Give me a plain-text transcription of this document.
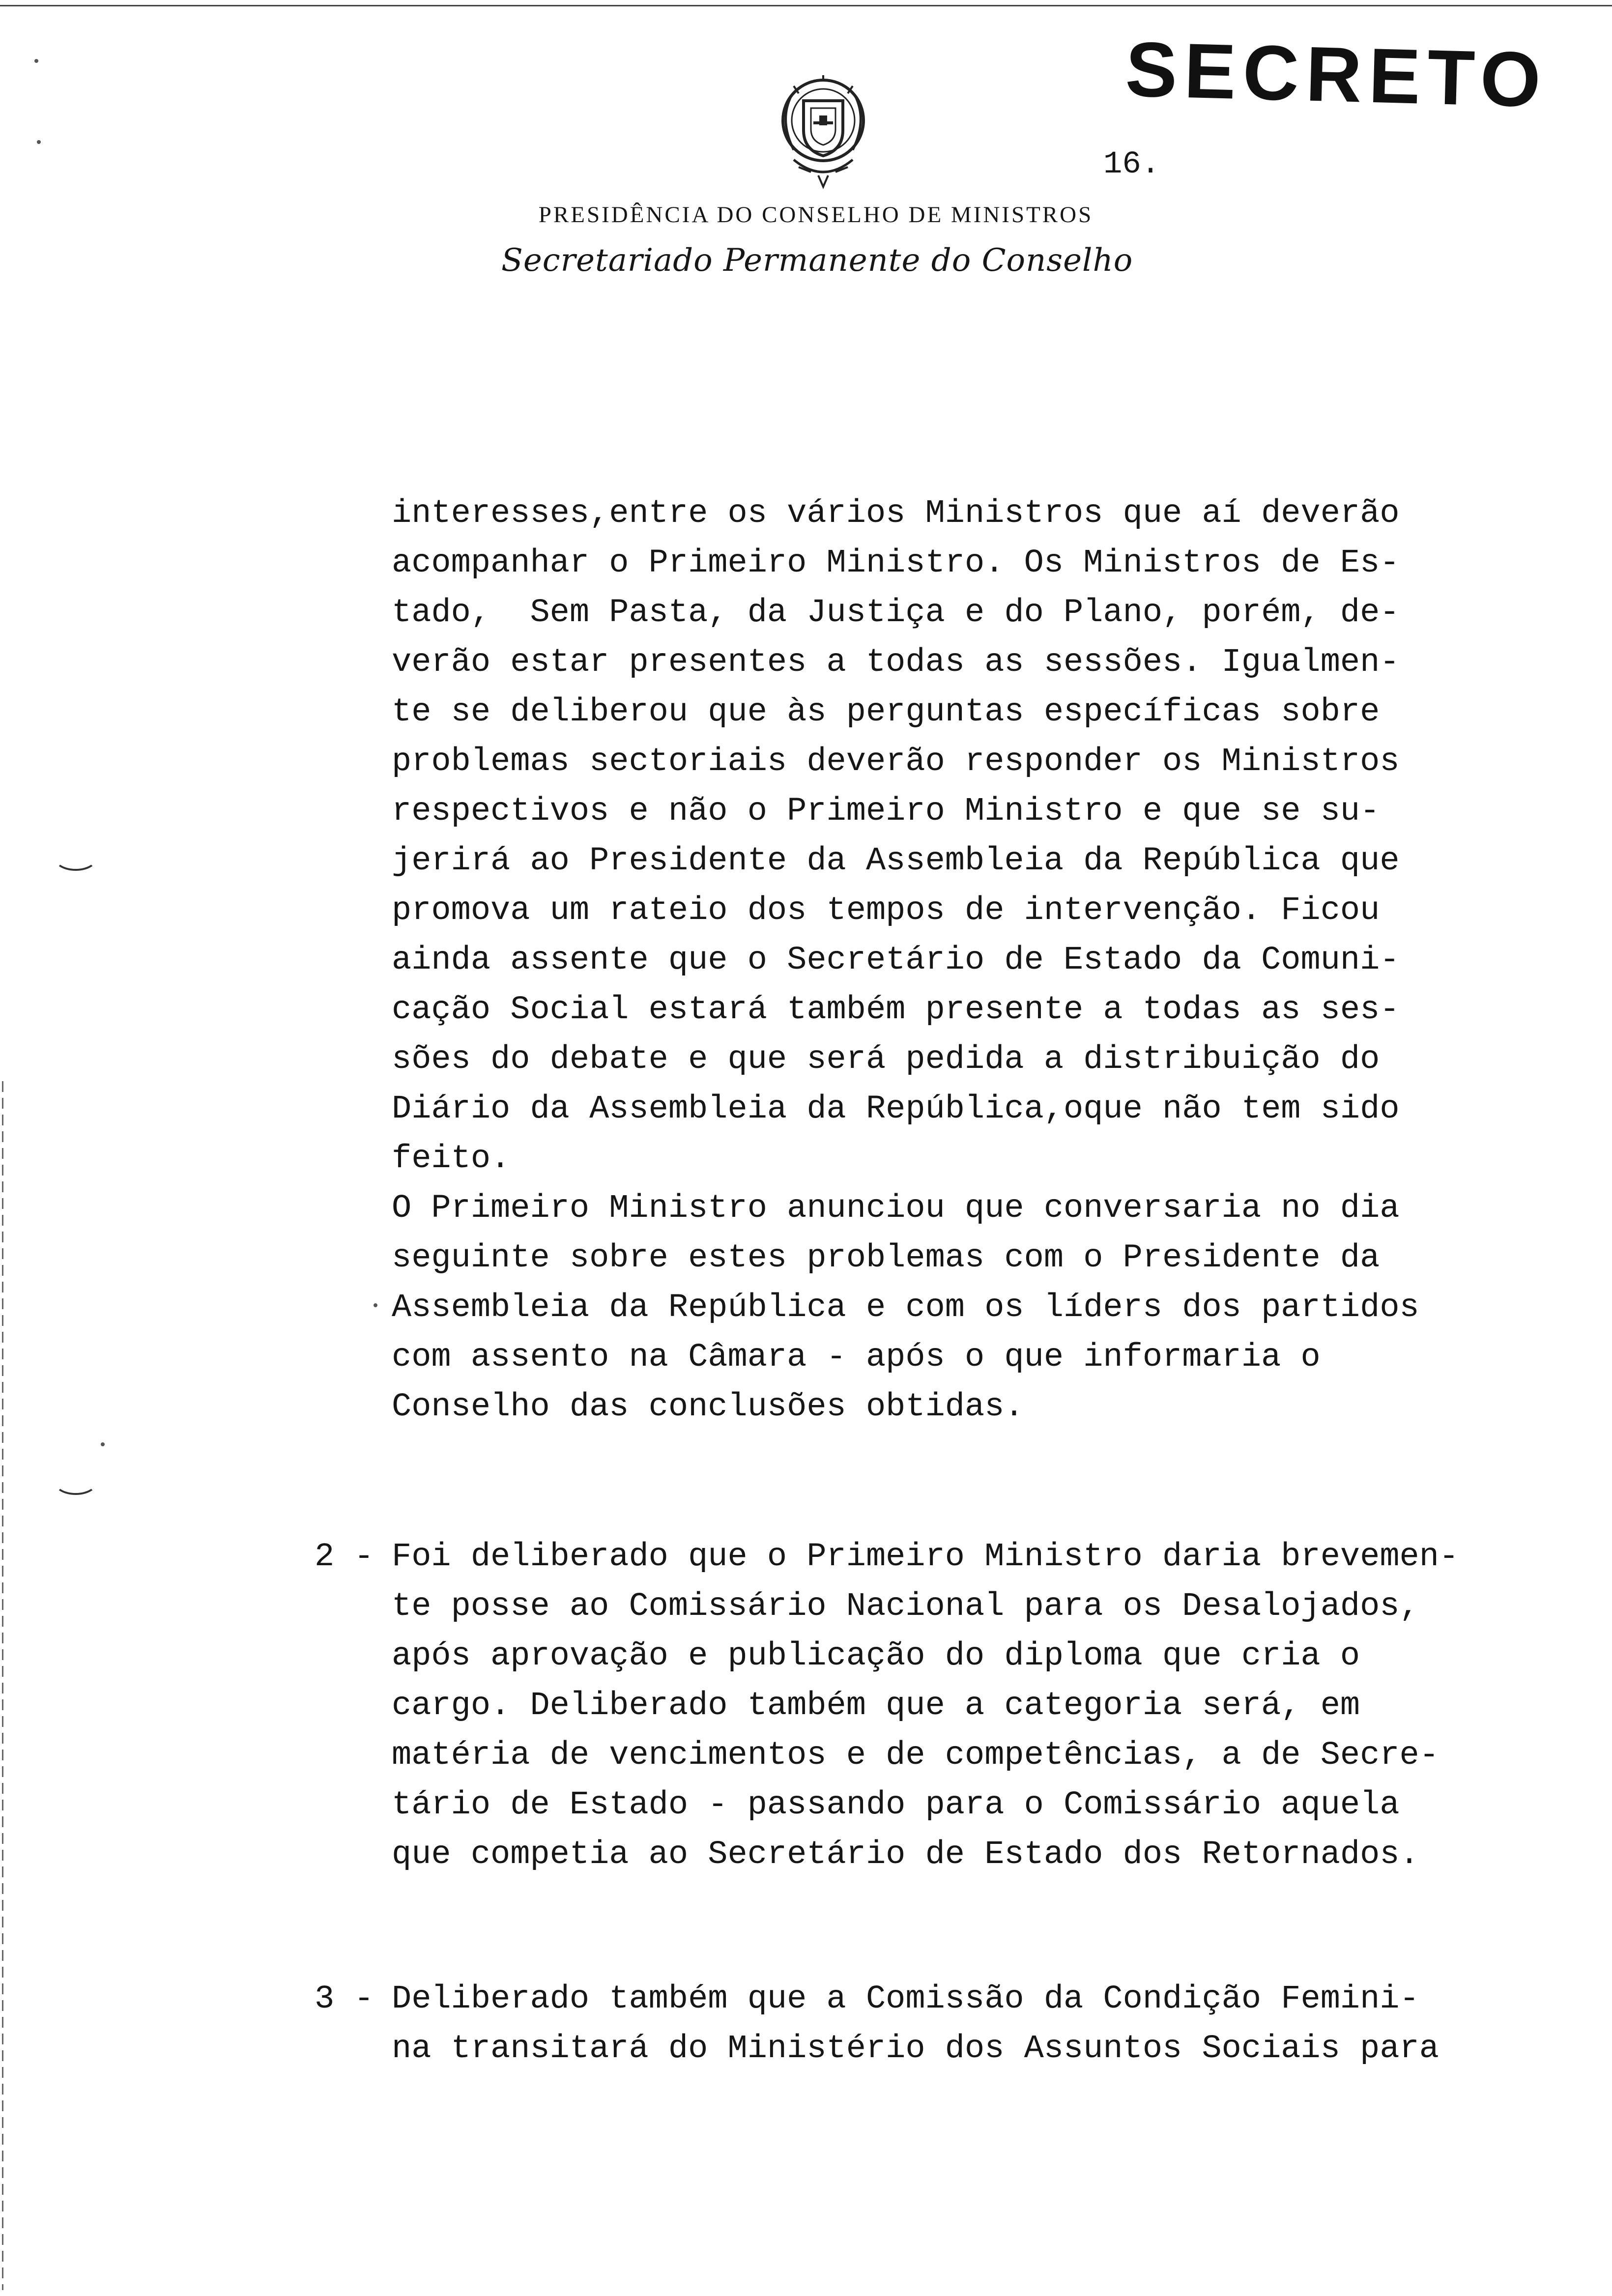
SECRETO
16.
PRESIDÊNCIA DO CONSELHO DE MINISTROS
Secretariado Permanente do Conselho
interesses,entre os vários Ministros que aí deverão
acompanhar o Primeiro Ministro. Os Ministros de Es-
tado,  Sem Pasta, da Justiça e do Plano, porém, de-
verão estar presentes a todas as sessões. Igualmen-
te se deliberou que às perguntas específicas sobre
problemas sectoriais deverão responder os Ministros
respectivos e não o Primeiro Ministro e que se su-
jerirá ao Presidente da Assembleia da República que
promova um rateio dos tempos de intervenção. Ficou
ainda assente que o Secretário de Estado da Comuni-
cação Social estará também presente a todas as ses-
sões do debate e que será pedida a distribuição do
Diário da Assembleia da República,oque não tem sido
feito.
O Primeiro Ministro anunciou que conversaria no dia
seguinte sobre estes problemas com o Presidente da
Assembleia da República e com os líders dos partidos
com assento na Câmara - após o que informaria o
Conselho das conclusões obtidas.
2 - Foi deliberado que o Primeiro Ministro daria brevemen-
te posse ao Comissário Nacional para os Desalojados,
após aprovação e publicação do diploma que cria o
cargo. Deliberado também que a categoria será, em
matéria de vencimentos e de competências, a de Secre-
tário de Estado - passando para o Comissário aquela
que competia ao Secretário de Estado dos Retornados.
3 - Deliberado também que a Comissão da Condição Femini-
na transitará do Ministério dos Assuntos Sociais para
